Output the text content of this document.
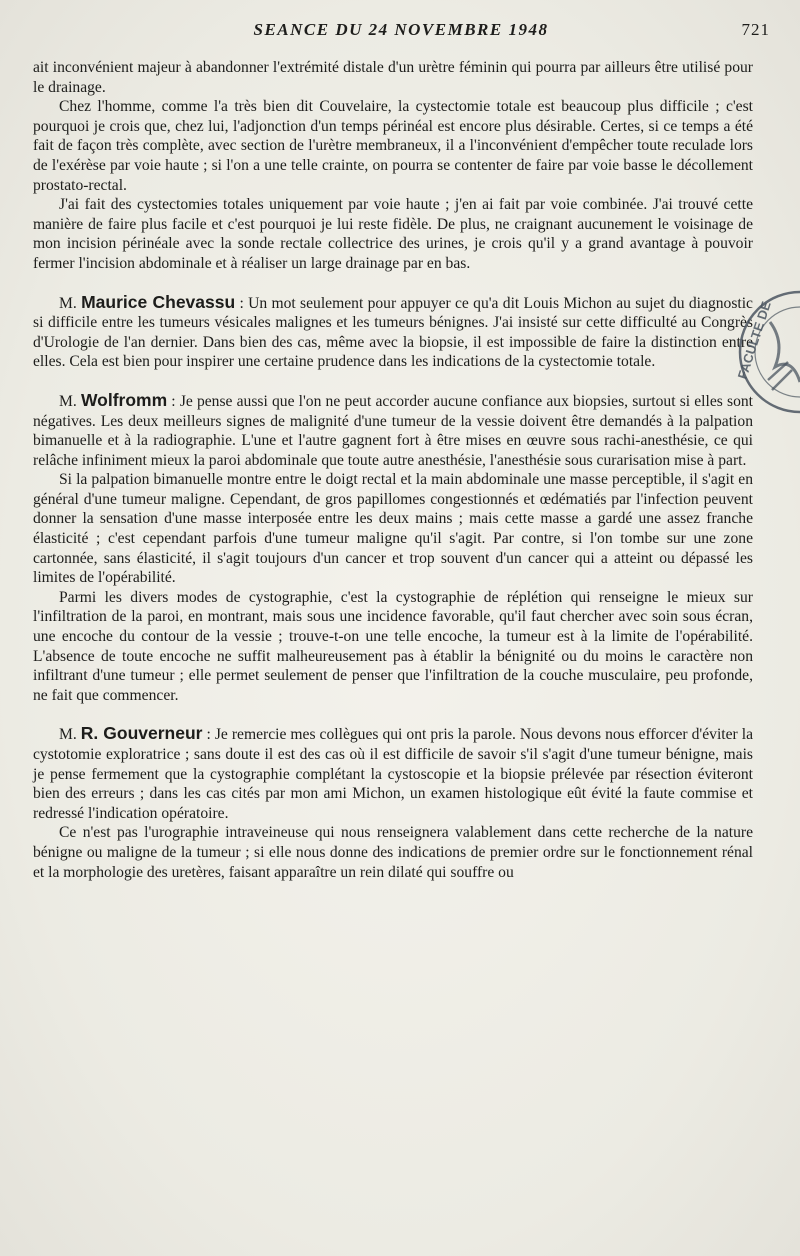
SEANCE DU 24 NOVEMBRE 1948	721

ait inconvénient majeur à abandonner l'extrémité distale d'un urètre féminin qui pourra par ailleurs être utilisé pour le drainage.

Chez l'homme, comme l'a très bien dit Couvelaire, la cystectomie totale est beaucoup plus difficile ; c'est pourquoi je crois que, chez lui, l'adjonction d'un temps périnéal est encore plus désirable. Certes, si ce temps a été fait de façon très complète, avec section de l'urètre membraneux, il a l'inconvénient d'empêcher toute reculade lors de l'exérèse par voie haute ; si l'on a une telle crainte, on pourra se contenter de faire par voie basse le décollement prostato-rectal.

J'ai fait des cystectomies totales uniquement par voie haute ; j'en ai fait par voie combinée. J'ai trouvé cette manière de faire plus facile et c'est pourquoi je lui reste fidèle. De plus, ne craignant aucunement le voisinage de mon incision périnéale avec la sonde rectale collectrice des urines, je crois qu'il y a grand avantage à pouvoir fermer l'incision abdominale et à réaliser un large drainage par en bas.

M. Maurice Chevassu : Un mot seulement pour appuyer ce qu'a dit Louis Michon au sujet du diagnostic si difficile entre les tumeurs vésicales malignes et les tumeurs bénignes. J'ai insisté sur cette difficulté au Congrès d'Urologie de l'an dernier. Dans bien des cas, même avec la biopsie, il est impossible de faire la distinction entre elles. Cela est bien pour inspirer une certaine prudence dans les indications de la cystectomie totale.

M. Wolfromm : Je pense aussi que l'on ne peut accorder aucune confiance aux biopsies, surtout si elles sont négatives. Les deux meilleurs signes de malignité d'une tumeur de la vessie doivent être demandés à la palpation bimanuelle et à la radiographie. L'une et l'autre gagnent fort à être mises en œuvre sous rachi-anesthésie, ce qui relâche infiniment mieux la paroi abdominale que toute autre anesthésie, l'anesthésie sous curarisation mise à part.

Si la palpation bimanuelle montre entre le doigt rectal et la main abdominale une masse perceptible, il s'agit en général d'une tumeur maligne. Cependant, de gros papillomes congestionnés et œdématiés par l'infection peuvent donner la sensation d'une masse interposée entre les deux mains ; mais cette masse a gardé une assez franche élasticité ; c'est cependant parfois d'une tumeur maligne qu'il s'agit. Par contre, si l'on tombe sur une zone cartonnée, sans élasticité, il s'agit toujours d'un cancer et trop souvent d'un cancer qui a atteint ou dépassé les limites de l'opérabilité.

Parmi les divers modes de cystographie, c'est la cystographie de réplétion qui renseigne le mieux sur l'infiltration de la paroi, en montrant, mais sous une incidence favorable, qu'il faut chercher avec soin sous écran, une encoche du contour de la vessie ; trouve-t-on une telle encoche, la tumeur est à la limite de l'opérabilité. L'absence de toute encoche ne suffit malheureusement pas à établir la bénignité ou du moins le caractère non infiltrant d'une tumeur ; elle permet seulement de penser que l'infiltration de la couche musculaire, peu profonde, ne fait que commencer.

M. R. Gouverneur : Je remercie mes collègues qui ont pris la parole. Nous devons nous efforcer d'éviter la cystotomie exploratrice ; sans doute il est des cas où il est difficile de savoir s'il s'agit d'une tumeur bénigne, mais je pense fermement que la cystographie complétant la cystoscopie et la biopsie prélevée par résection éviteront bien des erreurs ; dans les cas cités par mon ami Michon, un examen histologique eût évité la faute commise et redressé l'indication opératoire.

Ce n'est pas l'urographie intraveineuse qui nous renseignera valablement dans cette recherche de la nature bénigne ou maligne de la tumeur ; si elle nous donne des indications de premier ordre sur le fonctionnement rénal et la morphologie des uretères, faisant apparaître un rein dilaté qui souffre ou

FACULTE DE
